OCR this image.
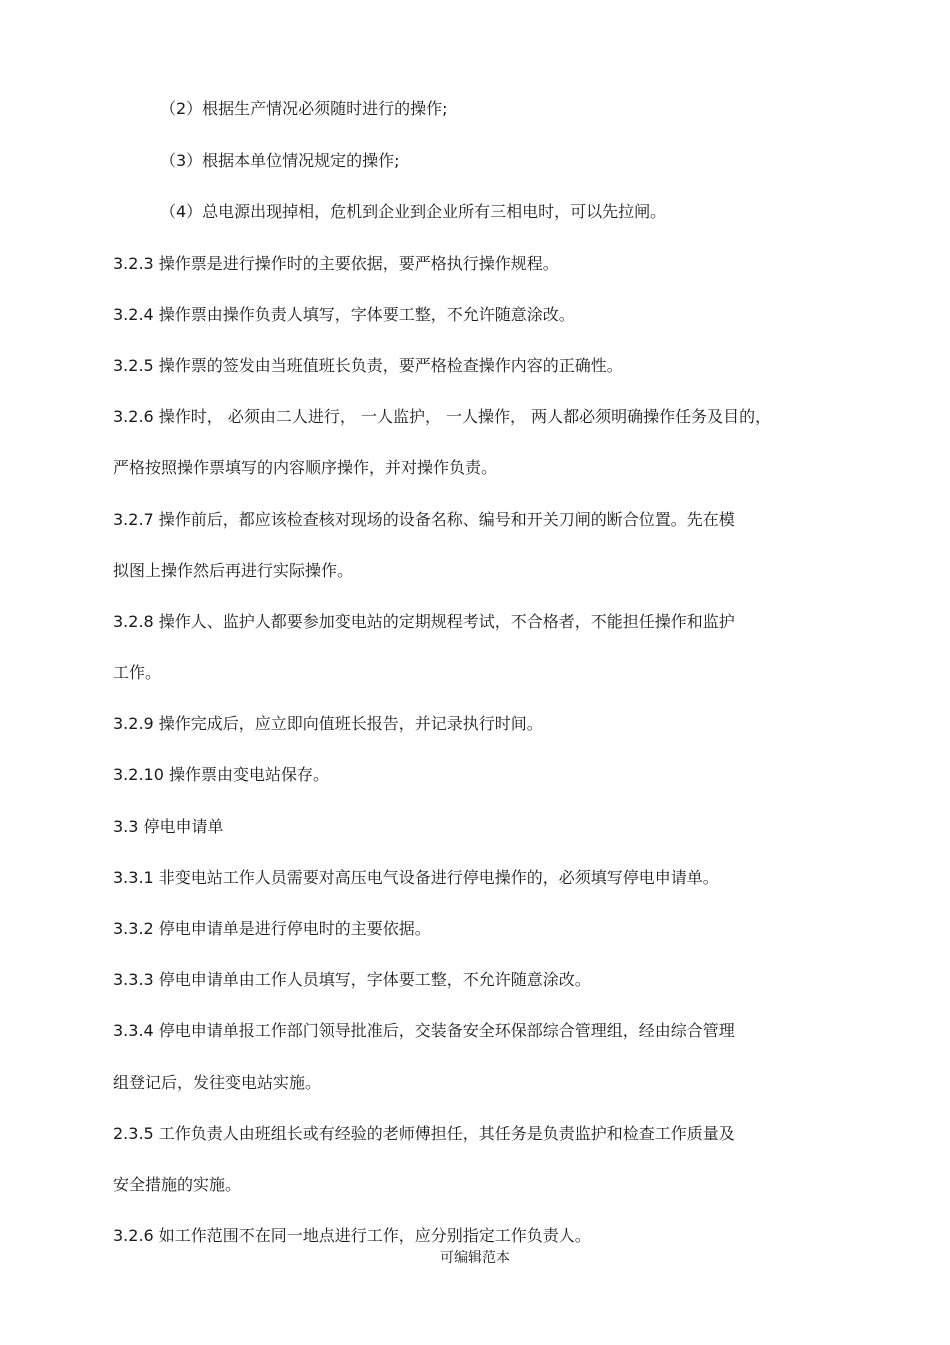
（2）根据生产情况必须随时进行的操作;
（3）根据本单位情况规定的操作;
（4）总电源出现掉相，危机到企业到企业所有三相电时，可以先拉闸。
3.2.3 操作票是进行操作时的主要依据，要严格执行操作规程。
3.2.4 操作票由操作负责人填写，字体要工整，不允许随意涂改。
3.2.5 操作票的签发由当班值班长负责，要严格检查操作内容的正确性。
3.2.6 操作时， 必须由二人进行， 一人监护， 一人操作， 两人都必须明确操作任务及目的，
严格按照操作票填写的内容顺序操作，并对操作负责。
3.2.7 操作前后，都应该检查核对现场的设备名称、编号和开关刀闸的断合位置。先在模
拟图上操作然后再进行实际操作。
3.2.8 操作人、监护人都要参加变电站的定期规程考试，不合格者，不能担任操作和监护
工作。
3.2.9 操作完成后，应立即向值班长报告，并记录执行时间。
3.2.10 操作票由变电站保存。
3.3 停电申请单
3.3.1 非变电站工作人员需要对高压电气设备进行停电操作的，必须填写停电申请单。
3.3.2 停电申请单是进行停电时的主要依据。
3.3.3 停电申请单由工作人员填写，字体要工整，不允许随意涂改。
3.3.4 停电申请单报工作部门领导批准后，交装备安全环保部综合管理组，经由综合管理
组登记后，发往变电站实施。
2.3.5 工作负责人由班组长或有经验的老师傅担任，其任务是负责监护和检查工作质量及
安全措施的实施。
3.2.6 如工作范围不在同一地点进行工作，应分别指定工作负责人。
可编辑范本
